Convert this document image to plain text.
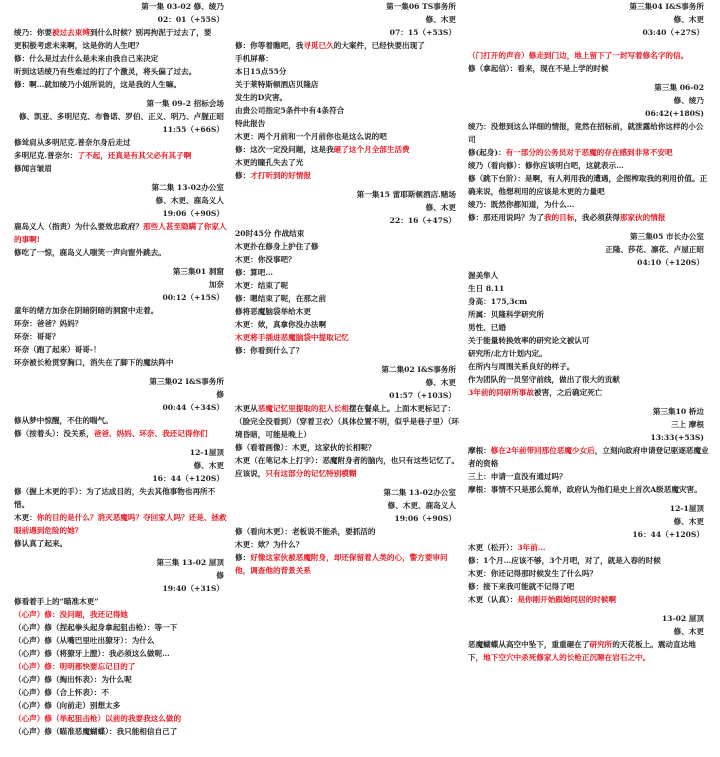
第一集 03-02 修、绫乃
02：01（+55S）

绫乃：你要被过去束缚到什么时候？别再拘泥于过去了，要

更积极考虑未来啊，这是你的人生吧？

修：什么是过去什么是未来由我自己来决定

听到这话绫乃有些难过的打了个激灵，将头偏了过去。

修：啊…就如绫乃小姐所说的，这是我的人生嘛。

第一集 09-2 招标会场
修、凯亚、多明尼克、布鲁诺、罗伯、正义、明乃、卢腥正昭
11:55（+66S）

修耸肩从多明尼克.普奈尔身后走过

多明尼克.普奈尔：了不起，还真是有其父必有其子啊

修闻言皱眉

第二集 13-02办公室
修、木更、鹿岛义人
19:06（+90S）

鹿岛义人（指责）为什么要效忠政府？那些人甚至隐瞒了你家人的事啊!

修吃了一惊，鹿岛义人嗤笑一声向窗外跳去。

第三集01 洞窟
加奈
00:12（+15S）

童年的绪方加奈在阴暗阴暗的洞窟中走着。

环奈：爸爸？妈妈？

环奈：哥哥？

环奈（跑了起来）哥哥-！

环奈被长枪贯穿胸口，消失在了脚下的魔法阵中

第三集02 I&S事务所
修
00:44（+34S）

修从梦中惊醒，不住的喘气。

修（按着头）：没关系，爸爸、妈妈、环奈、我还记得你们

12-1屋顶
修、木更
16：44（+120S）

修（握上木更的手）：为了达成目的，失去其他事物也再所不惜。

木更：你的目的是什么？消灭恶魔吗？夺回家人吗？还是、拯救眼前遇到危险的她？

修认真了起来。

第三集 13-02 屋顶
修
19:40（+31S）

修看着手上的“瞄准木更”

（心声）修：没问题，我还记得她

（心声）修（捏起拳头起身拿起狙击枪）：等一下

（心声）修（从嘴巴里吐出獠牙）：为什么

（心声）修（将獠牙上膛）：我必须这么做呢…

（心声）修：明明都快要忘记目的了

（心声）修（掏出怀表）：为什么呢

（心声）修（合上怀表）：不

（心声）修（向前走）别想太多

（心声）修（举起狙击枪）以前的我要我这么做的

（心声）修（瞄准恶魔蝴蝶）：我只能相信自己了

第一集06 TS事务所
修、木更
07：15（+53S）

修：你等着瞧吧，我寻觅已久的大案件，已经快要出现了

手机屏幕：

本日15点55分

关于莱特斯顿酒店贝隆店

发生的D灾害。

由贵公司指定5条件中有4条符合

特此报告

木更：两个月前和一个月前你也是这么说的吧

修：这次一定没问题，这是我砸了这个月全部生活费

木更的瞳孔失去了光

修：才打听到的好情报

第一集15 雷耶斯顿酒店.赌场
修、木更
22：16（+47S）

20时45分 作战结束

木更扑在修身上护住了修

木更：你没事吧？

修：算吧…

木更：结束了呢

修：嗯结束了呢，在那之前

修将恶魔脑袋举给木更

木更：欸，真拿你没办法啊

木更将手插进恶魔脑袋中提取记忆

修：你看到什么了？

第二集02 I&S事务所
修、木更
01:57（+103S）

木更从恶魔记忆里提取的犯人长相摆在餐桌上。上面木更标记了：（脸完全没看到）（穿着卫衣）（具体位置不明，似乎是巷子里）（环境昏暗，可能是晚上）

修（看着画像）：木更，这家伙的长相呢？

木更（在笔记本上打字）：恶魔附身者的脑内，也只有这些记忆了。应该说，只有这部分的记忆特别模糊

第二集 13-02办公室
修、木更、鹿岛义人
19:06（+90S）

修（看向木更）：老板说不能杀，要抓活的

木更：欸？为什么？

修：好像这家伙被恶魔附身，却还保留着人类的心，警方要审问他，调查他的背景关系

第三集04 I&S事务所
修、木更
03:40（+27S）

（门打开的声音）修走到门边，地上留下了一封写着修名字的信。

修（拿起信）：看来，现在不是上学的时候

第三集 06-02
修、绫乃
06:42(+180S)

绫乃：没想到这么详细的情报，竟然在招标前，就泄露给你这样的小公司

修(起身)：有一部分的公务员对于恶魔的存在感到非常不安吧

绫乃（看向修）：修你应该明白吧，这就表示…

修（跳下台阶）：是啊，有人利用我的遭遇，企图榨取我的利用价值。正确来说，他想利用的应该是木更的力量吧

绫乃：既然你都知道，为什么…

修：那还用说吗？为了我的目标，我必须获得那家伙的情报

第三集05 市长办公室
正隆、莎花、凛花、卢屋正昭
04:10（+120S）

渥美隼人

生日 8.11

身高：175,3cm

所属：贝隆科学研究所

男性、已婚

关于能量转换效率的研究论文被认可

研究所/北方计划内定。

在所内与周围关系良好的样子。

作为团队的一员坚守前线，做出了很大的贡献

3年前的同研所事故被害，之后确定死亡

第三集10 桥边
三上 摩根
13:33(+53S)

摩根：修在2年前带回那位恶魔少女后，立刻向政府申请登记驱逐恶魔业者的资格

三上：申请一直没有通过吗？

摩根：事情不只是那么简单，政府认为他们是史上首次A级恶魔灾害。

12-1屋顶
修、木更
16：44（+120S）

木更（松开）：3年前…

修：1个月…应该不够，3个月吧，对了，就是入春的时候

木更：你还记得那时候发生了什么吗？

修：接下来我可能就不记得了吧

木更（认真）：是你刚开始跟她同居的时候啊

13-02 屋顶
修、木更

恶魔蝴蝶从高空中坠下，重重砸在了研究所的天花板上。震动直达地下，地下空穴中杀死修家人的长枪正沉睡在岩石之中。
